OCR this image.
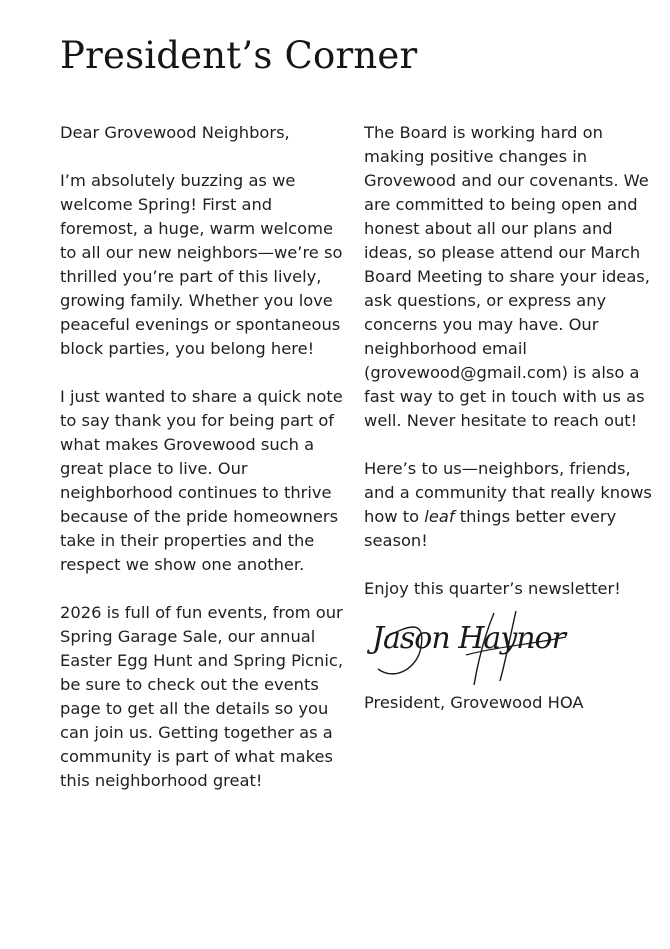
President’s Corner

Dear Grovewood Neighbors,

I’m absolutely buzzing as we welcome Spring! First and foremost, a huge, warm welcome to all our new neighbors—we’re so thrilled you’re part of this lively, growing family. Whether you love peaceful evenings or spontaneous block parties, you belong here!

I just wanted to share a quick note to say thank you for being part of what makes Grovewood such a great place to live. Our neighborhood continues to thrive because of the pride homeowners take in their properties and the respect we show one another.

2026 is full of fun events, from our Spring Garage Sale, our annual Easter Egg Hunt and Spring Picnic, be sure to check out the events page to get all the details so you can join us. Getting together as a community is part of what makes this neighborhood great!

The Board is working hard on making positive changes in Grovewood and our covenants. We are committed to being open and honest about all our plans and ideas, so please attend our March Board Meeting to share your ideas, ask questions, or express any concerns you may have. Our neighborhood email (grovewood@gmail.com) is also a fast way to get in touch with us as well. Never hesitate to reach out!

Here’s to us—neighbors, friends, and a community that really knows how to leaf things better every season!

Enjoy this quarter’s newsletter!

Jason Haynor

President, Grovewood HOA
